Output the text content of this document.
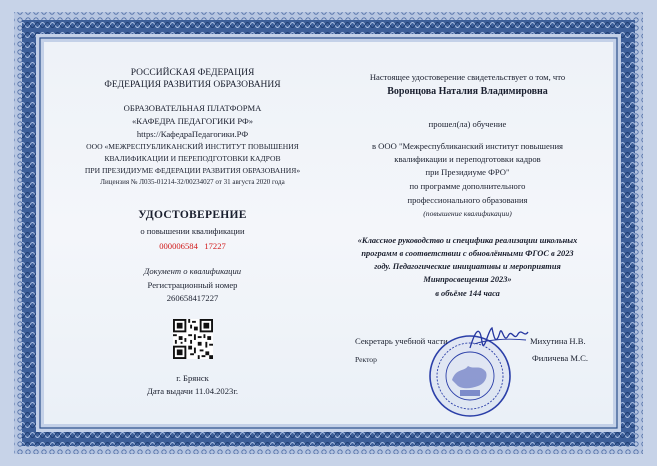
РОССИЙСКАЯ ФЕДЕРАЦИЯ
ФЕДЕРАЦИЯ РАЗВИТИЯ ОБРАЗОВАНИЯ
ОБРАЗОВАТЕЛЬНАЯ ПЛАТФОРМА
«КАФЕДРА ПЕДАГОГИКИ РФ»
https://КафедраПедагогики.РФ
ООО «МЕЖРЕСПУБЛИКАНСКИЙ ИНСТИТУТ ПОВЫШЕНИЯ
КВАЛИФИКАЦИИ И ПЕРЕПОДГОТОВКИ КАДРОВ
ПРИ ПРЕЗИДИУМЕ ФЕДЕРАЦИИ РАЗВИТИЯ ОБРАЗОВАНИЯ»
Лицензия № Л035-01214-32/00234027 от 31 августа 2020 года
УДОСТОВЕРЕНИЕ
о повышении квалификации
000006584 17227
Документ о квалификации
Регистрационный номер
260658417227
г. Брянск
Дата выдачи 11.04.2023г.
Настоящее удостоверение свидетельствует о том, что
Воронцова Наталия Владимировна
прошел(ла) обучение
в ООО "Межреспубликанский институт повышения
квалификации и переподготовки кадров
при Президиуме ФРО"
по программе дополнительного
профессионального образования
(повышение квалификации)
«Классное руководство и специфика реализации школьных
программ в соответствии с обновлёнными ФГОС в 2023
году. Педагогические инициативы и мероприятия
Минпросвещения 2023»
в объёме 144 часа
Секретарь учебной части	Михутина Н.В.
Ректор	Филичева М.С.
